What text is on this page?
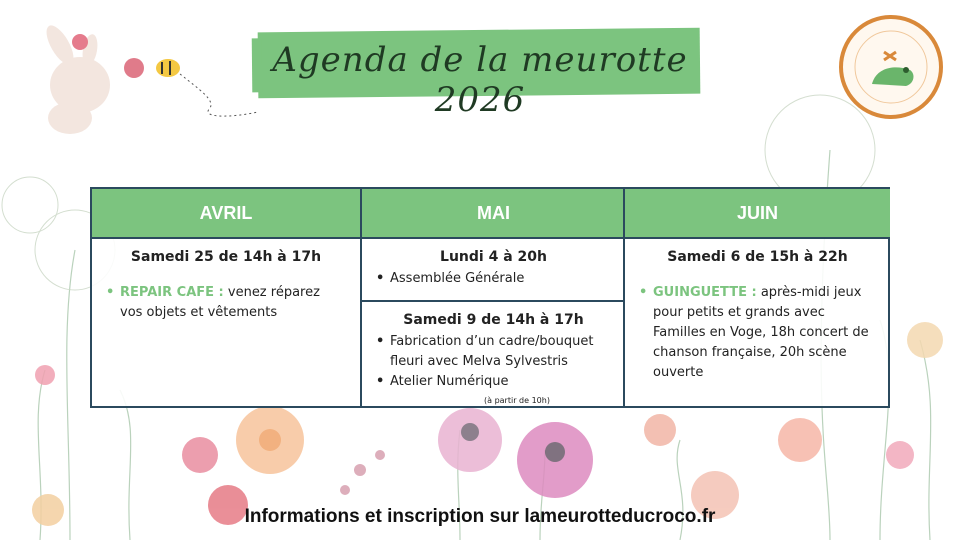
Agenda de la meurotte 2026
AVRIL
Samedi 25 de 14h à 17h
• REPAIR CAFE : venez réparez vos objets et vêtements
MAI
Lundi 4 à 20h
• Assemblée Générale
Samedi 9 de 14h à 17h
• Fabrication d’un cadre/bouquet fleuri avec Melva Sylvestris
• Atelier Numérique
(à partir de 10h)
JUIN
Samedi 6 de 15h à 22h
• GUINGUETTE : après-midi jeux pour petits et grands avec Familles en Voge, 18h concert de chanson française, 20h scène ouverte
Informations et inscription sur lameurotteducroco.fr
